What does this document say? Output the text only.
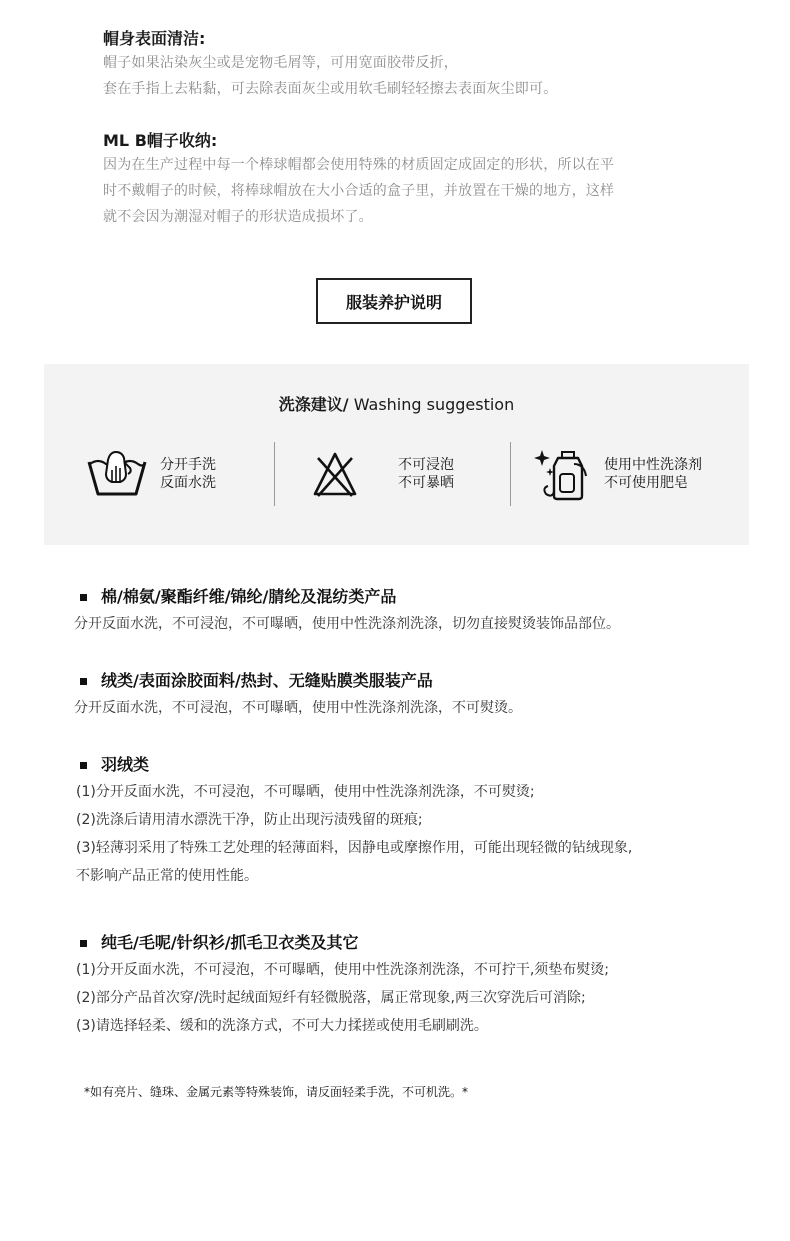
帽身表面清洁:
帽子如果沾染灰尘或是宠物毛屑等，可用宽面胶带反折，
套在手指上去粘黏，可去除表面灰尘或用软毛刷轻轻擦去表面灰尘即可。
ML B帽子收纳:
因为在生产过程中每一个棒球帽都会使用特殊的材质固定成固定的形状，所以在平
时不戴帽子的时候，将棒球帽放在大小合适的盒子里，并放置在干燥的地方，这样
就不会因为潮湿对帽子的形状造成损坏了。
服装养护说明
洗涤建议/ Washing suggestion
分开手洗
反面水洗
不可浸泡
不可暴晒
使用中性洗涤剂
不可使用肥皂
棉/棉氨/聚酯纤维/锦纶/腈纶及混纺类产品
分开反面水洗，不可浸泡，不可曝晒，使用中性洗涤剂洗涤，切勿直接熨烫装饰品部位。
绒类/表面涂胶面料/热封、无缝贴膜类服装产品
分开反面水洗，不可浸泡，不可曝晒，使用中性洗涤剂洗涤，不可熨烫。
羽绒类
(1)分开反面水洗，不可浸泡，不可曝晒，使用中性洗涤剂洗涤，不可熨烫;
(2)洗涤后请用清水漂洗干净，防止出现污渍残留的斑痕;
(3)轻薄羽采用了特殊工艺处理的轻薄面料，因静电或摩擦作用，可能出现轻微的钻绒现象,
不影响产品正常的使用性能。
纯毛/毛呢/针织衫/抓毛卫衣类及其它
(1)分开反面水洗，不可浸泡，不可曝晒，使用中性洗涤剂洗涤，不可拧干,须垫布熨烫;
(2)部分产品首次穿/洗时起绒面短纤有轻微脱落，属正常现象,两三次穿洗后可消除;
(3)请选择轻柔、缓和的洗涤方式，不可大力揉搓或使用毛刷刷洗。
*如有亮片、缝珠、金属元素等特殊装饰，请反面轻柔手洗，不可机洗。*
